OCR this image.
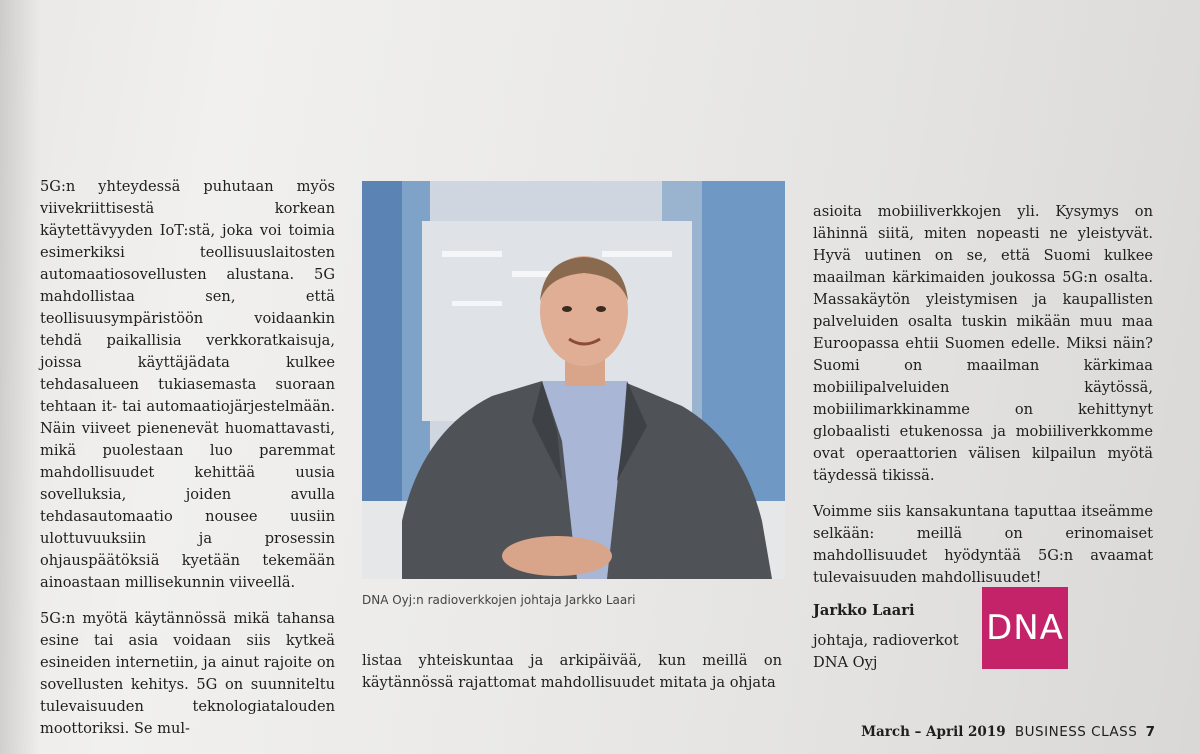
5G:n yhteydessä puhutaan myös viivekriittisestä korkean käytettävyyden IoT:stä, joka voi toimia esimerkiksi teollisuuslaitosten automaatiosovellusten alustana. 5G mahdollistaa sen, että teollisuusympäristöön voidaankin tehdä paikallisia verkkoratkaisuja, joissa käyttäjädata kulkee tehdasalueen tukiasemasta suoraan tehtaan it- tai automaatiojärjestelmään. Näin viiveet pienenevät huomattavasti, mikä puolestaan luo paremmat mahdollisuudet kehittää uusia sovelluksia, joiden avulla tehdasautomaatio nousee uusiin ulottuvuuksiin ja prosessin ohjauspäätöksiä kyetään tekemään ainoastaan millisekunnin viiveellä.

5G:n myötä käytännössä mikä tahansa esine tai asia voidaan siis kytkeä esineiden internetiin, ja ainut rajoite on sovellusten kehitys. 5G on suunniteltu tulevaisuuden teknologiatalouden moottoriksi. Se mul-

DNA Oyj:n radioverkkojen johtaja Jarkko Laari

listaa yhteiskuntaa ja arkipäivää, kun meillä on käytännössä rajattomat mahdollisuudet mitata ja ohjata

asioita mobiiliverkkojen yli. Kysymys on lähinnä siitä, miten nopeasti ne yleistyvät. Hyvä uutinen on se, että Suomi kulkee maailman kärkimaiden joukossa 5G:n osalta. Massakäytön yleistymisen ja kaupallisten palveluiden osalta tuskin mikään muu maa Euroopassa ehtii Suomen edelle. Miksi näin? Suomi on maailman kärkimaa mobiilipalveluiden käytössä, mobiilimarkkinamme on kehittynyt globaalisti etukenossa ja mobiiliverkkomme ovat operaattorien välisen kilpailun myötä täydessä tikissä.

Voimme siis kansakuntana taputtaa itseämme selkään: meillä on erinomaiset mahdollisuudet hyödyntää 5G:n avaamat tulevaisuuden mahdollisuudet!

Jarkko Laari
johtaja, radioverkot
DNA Oyj
DNA
March – April 2019 BUSINESS CLASS 7
